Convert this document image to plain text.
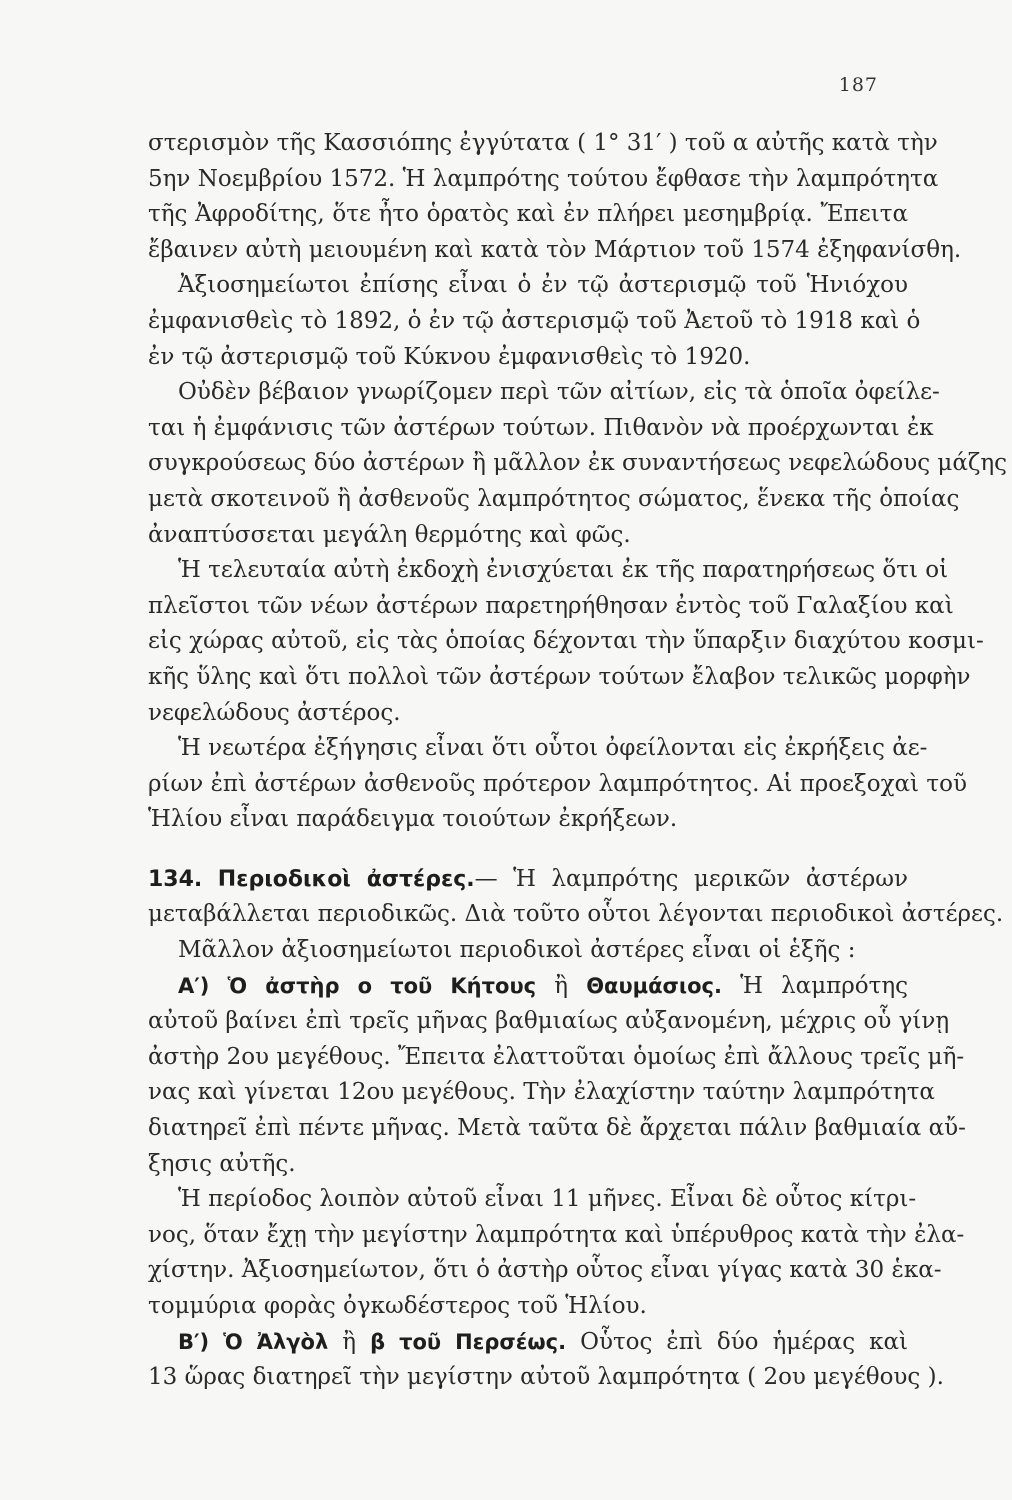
187
στερισμὸν τῆς Κασσιόπης ἐγγύτατα ( 1° 31′ ) τοῦ α αὐτῆς κατὰ τὴν
5ην Νοεμβρίου 1572. Ἡ λαμπρότης τούτου ἔφθασε τὴν λαμπρότητα
τῆς Ἀφροδίτης, ὅτε ἦτο ὁρατὸς καὶ ἐν πλήρει μεσημβρίᾳ. Ἔπειτα
ἔβαινεν αὐτὴ μειουμένη καὶ κατὰ τὸν Μάρτιον τοῦ 1574 ἐξηφανίσθη.
Ἀξιοσημείωτοι ἐπίσης εἶναι ὁ ἐν τῷ ἀστερισμῷ τοῦ Ἡνιόχου
ἐμφανισθεὶς τὸ 1892, ὁ ἐν τῷ ἀστερισμῷ τοῦ Ἀετοῦ τὸ 1918 καὶ ὁ
ἐν τῷ ἀστερισμῷ τοῦ Κύκνου ἐμφανισθεὶς τὸ 1920.
Οὐδὲν βέβαιον γνωρίζομεν περὶ τῶν αἰτίων, εἰς τὰ ὁποῖα ὀφείλε-
ται ἡ ἐμφάνισις τῶν ἀστέρων τούτων. Πιθανὸν νὰ προέρχωνται ἐκ
συγκρούσεως δύο ἀστέρων ἢ μᾶλλον ἐκ συναντήσεως νεφελώδους μάζης
μετὰ σκοτεινοῦ ἢ ἀσθενοῦς λαμπρότητος σώματος, ἕνεκα τῆς ὁποίας
ἀναπτύσσεται μεγάλη θερμότης καὶ φῶς.
Ἡ τελευταία αὐτὴ ἐκδοχὴ ἐνισχύεται ἐκ τῆς παρατηρήσεως ὅτι οἱ
πλεῖστοι τῶν νέων ἀστέρων παρετηρήθησαν ἐντὸς τοῦ Γαλαξίου καὶ
εἰς χώρας αὐτοῦ, εἰς τὰς ὁποίας δέχονται τὴν ὕπαρξιν διαχύτου κοσμι-
κῆς ὕλης καὶ ὅτι πολλοὶ τῶν ἀστέρων τούτων ἔλαβον τελικῶς μορφὴν
νεφελώδους ἀστέρος.
Ἡ νεωτέρα ἐξήγησις εἶναι ὅτι οὗτοι ὀφείλονται εἰς ἐκρήξεις ἀε-
ρίων ἐπὶ ἀστέρων ἀσθενοῦς πρότερον λαμπρότητος. Αἱ προεξοχαὶ τοῦ
Ἡλίου εἶναι παράδειγμα τοιούτων ἐκρήξεων.
134. Περιοδικοὶ ἀστέρες.— Ἡ λαμπρότης μερικῶν ἀστέρων
μεταβάλλεται περιοδικῶς. Διὰ τοῦτο οὗτοι λέγονται περιοδικοὶ ἀστέρες.
Μᾶλλον ἀξιοσημείωτοι περιοδικοὶ ἀστέρες εἶναι οἱ ἑξῆς :
Α′) Ὁ ἀστὴρ ο τοῦ Κήτους ἢ Θαυμάσιος. Ἡ λαμπρότης
αὐτοῦ βαίνει ἐπὶ τρεῖς μῆνας βαθμιαίως αὐξανομένη, μέχρις οὗ γίνῃ
ἀστὴρ 2ου μεγέθους. Ἔπειτα ἐλαττοῦται ὁμοίως ἐπὶ ἄλλους τρεῖς μῆ-
νας καὶ γίνεται 12ου μεγέθους. Τὴν ἐλαχίστην ταύτην λαμπρότητα
διατηρεῖ ἐπὶ πέντε μῆνας. Μετὰ ταῦτα δὲ ἄρχεται πάλιν βαθμιαία αὔ-
ξησις αὐτῆς.
Ἡ περίοδος λοιπὸν αὐτοῦ εἶναι 11 μῆνες. Εἶναι δὲ οὗτος κίτρι-
νος, ὅταν ἔχῃ τὴν μεγίστην λαμπρότητα καὶ ὑπέρυθρος κατὰ τὴν ἐλα-
χίστην. Ἀξιοσημείωτον, ὅτι ὁ ἀστὴρ οὗτος εἶναι γίγας κατὰ 30 ἑκα-
τομμύρια φορὰς ὀγκωδέστερος τοῦ Ἡλίου.
Β′) Ὁ Ἀλγὸλ ἢ β τοῦ Περσέως. Οὗτος ἐπὶ δύο ἡμέρας καὶ
13 ὥρας διατηρεῖ τὴν μεγίστην αὐτοῦ λαμπρότητα ( 2ου μεγέθους ).
